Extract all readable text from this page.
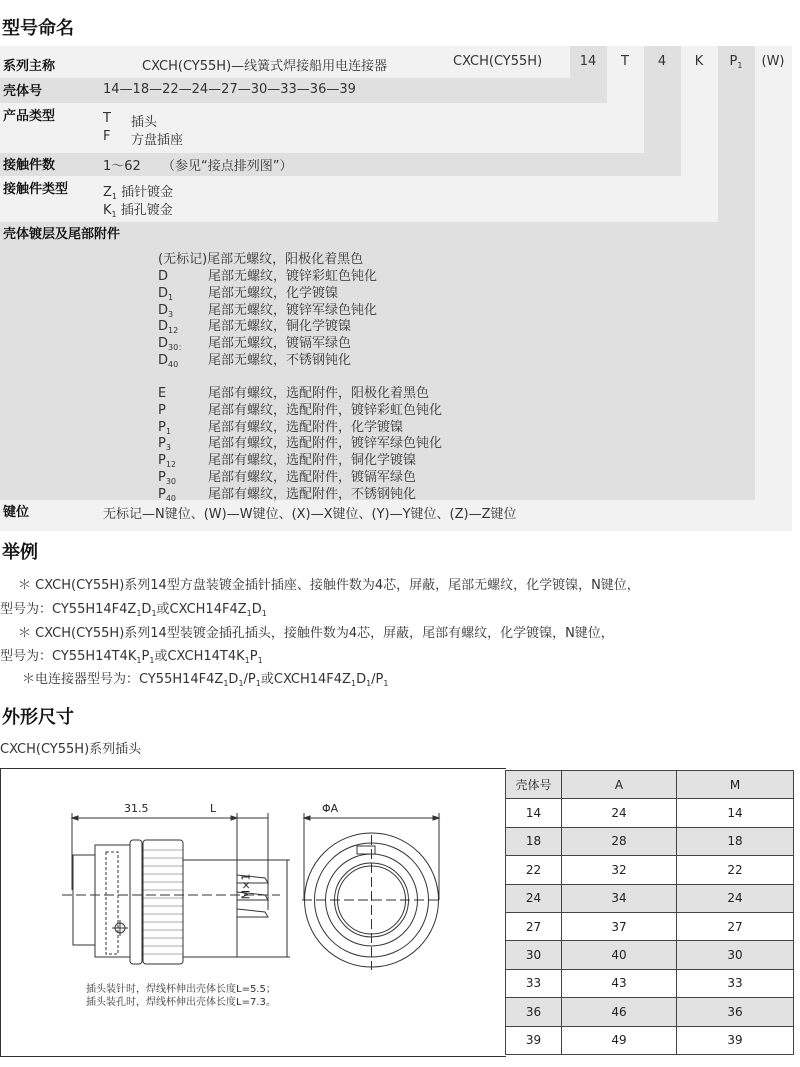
型号命名
系列主称	CXCH(CY55H)—线簧式焊接船用电连接器	CXCH(CY55H)	14	T	4	K	$P_1$	(W)
壳体号	14—18—22—24—27—30—33—36—39
产品类型	T 插头
F 方盘插座
接触件数	1～62 （参见“接点排列图”）
接触件类型	$Z_1$ 插针镀金
$K_1$ 插孔镀金
壳体镀层及尾部附件
(无标记)尾部无螺纹，阳极化着黑色
D	尾部无螺纹，镀锌彩虹色钝化
$D_1$	尾部无螺纹，化学镀镍
$D_3$	尾部无螺纹，镀锌军绿色钝化
$D_{12}$ 尾部无螺纹，铜化学镀镍
$D_{30:}$ 尾部无螺纹，镀镉军绿色
$D_{40}$ 尾部无螺纹，不锈钢钝化
E	尾部有螺纹，选配附件，阳极化着黑色
P	尾部有螺纹，选配附件，镀锌彩虹色钝化
$P_1$	尾部有螺纹，选配附件，化学镀镍
$P_3$	尾部有螺纹，选配附件，镀锌军绿色钝化
$P_{12}$ 尾部有螺纹，选配附件，铜化学镀镍
$P_{30}$ 尾部有螺纹，选配附件，镀镉军绿色
$P_{40}$ 尾部有螺纹，选配附件，不锈钢钝化
键位	无标记—N键位、(W)—W键位、(X)—X键位、(Y)—Y键位、(Z)—Z键位
举例
＊ CXCH(CY55H)系列14型方盘装镀金插针插座、接触件数为4芯，屏蔽，尾部无螺纹，化学镀镍，N键位，
型号为：$CY55H14F4Z_1D_1$或$CXCH14F4Z_1D_1$
＊ CXCH(CY55H)系列14型装镀金插孔插头，接触件数为4芯，屏蔽，尾部有螺纹，化学镀镍，N键位，
型号为：$CY55H14T4K_1P_1$或$CXCH14T4K_1P_1$
＊电连接器型号为：$CY55H14F4Z_1D_1/P_1$或$CXCH14F4Z_1D_1/P_1$
外形尺寸
CXCH(CY55H)系列插头
31.5	L
M×1
ΦA
插头装针时，焊线杯伸出壳体长度L=5.5；
插头装孔时，焊线杯伸出壳体长度L=7.3。
壳体号	A	M
14	24	14
18	28	18
22	32	22
24	34	24
27	37	27
30	40	30
33	43	33
36	46	36
39	49	39
